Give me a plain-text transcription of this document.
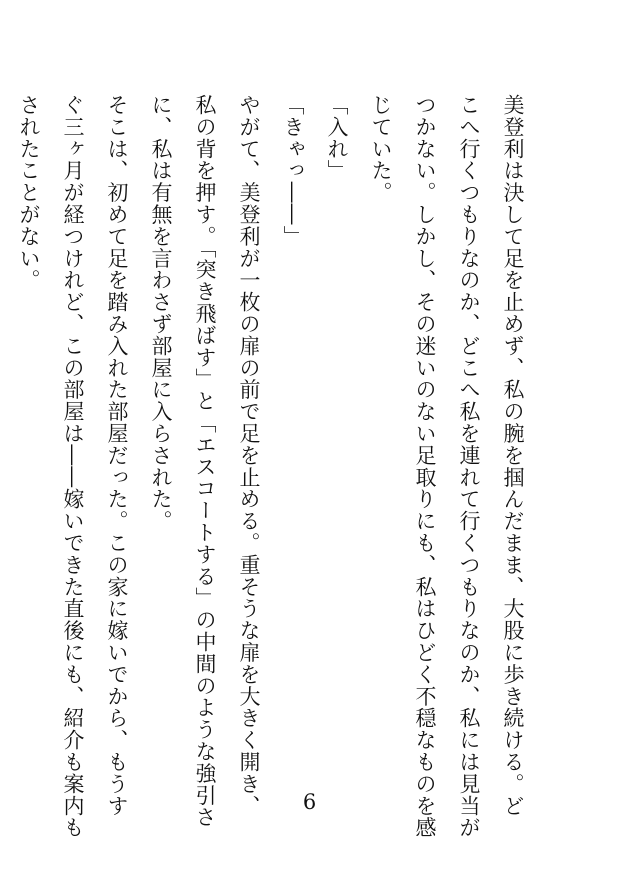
美登利は決して足を止めず、私の腕を掴んだまま、大股に歩き続ける。ど
こへ行くつもりなのか、どこへ私を連れて行くつもりなのか、私には見当が
つかない。しかし、その迷いのない足取りにも、私はひどく不穏なものを感
じていた。
「入れ」
「きゃっ――」
やがて、美登利が一枚の扉の前で足を止める。重そうな扉を大きく開き、
私の背を押す。「突き飛ばす」と「エスコートする」の中間のような強引さ
に、私は有無を言わさず部屋に入らされた。
そこは、初めて足を踏み入れた部屋だった。この家に嫁いでから、もうす
ぐ三ヶ月が経つけれど、この部屋は――嫁いできた直後にも、紹介も案内も
されたことがない。
6
